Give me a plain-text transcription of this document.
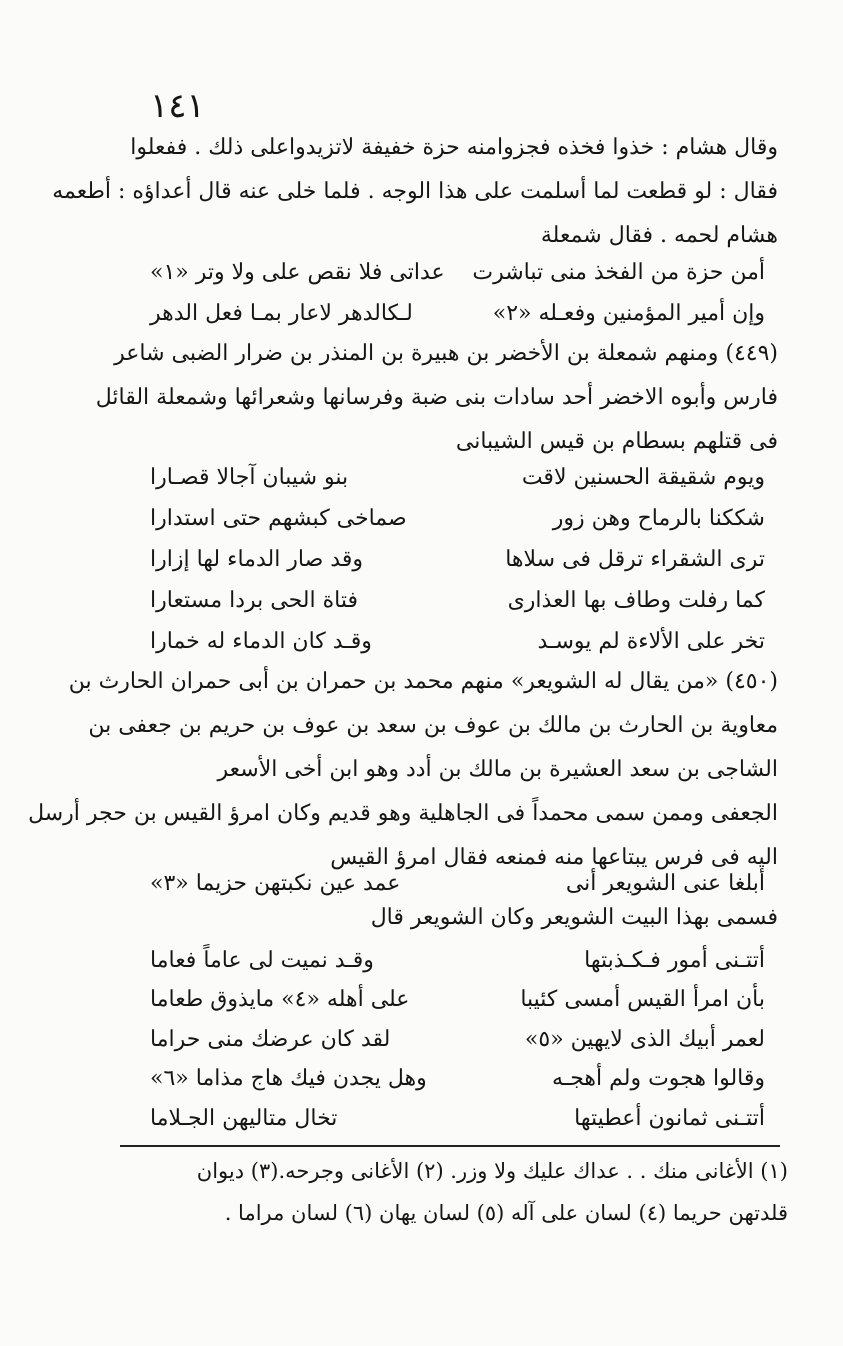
١٤١
وقال هشام : خذوا فخذه فجزوامنه حزة خفيفة لاتزيدواعلى ذلك . ففعلوا
فقال : لو قطعت لما أسلمت على هذا الوجه . فلما خلى عنه قال أعداؤه : أطعمه
هشام لحمه . فقال شمعلة
أمن حزة من الفخذ منى تباشرت
عداتى فلا نقص على ولا وتر «١»
وإن أمير المؤمنين وفعـله «٢»
لـكالدهر لاعار بمـا فعل الدهر
(٤٤٩) ومنهم شمعلة بن الأخضر بن هبيرة بن المنذر بن ضرار الضبى شاعر
فارس وأبوه الاخضر أحد سادات بنى ضبة وفرسانها وشعرائها وشمعلة القائل
فى قتلهم بسطام بن قيس الشيبانى
ويوم شقيقة الحسنين لاقت
بنو شيبان آجالا قصـارا
شككنا بالرماح وهن زور
صماخى كبشهم حتى استدارا
ترى الشقراء ترقل فى سلاها
وقد صار الدماء لها إزارا
كما رفلت وطاف بها العذارى
فتاة الحى بردا مستعارا
تخر على الألاءة لم يوسـد
وقـد كان الدماء له خمارا
(٤٥٠) «من يقال له الشويعر» منهم محمد بن حمران بن أبى حمران الحارث بن
معاوية بن الحارث بن مالك بن عوف بن سعد بن عوف بن حريم بن جعفى بن
الشاجى بن سعد العشيرة بن مالك بن أدد وهو ابن أخى الأسعر
الجعفى وممن سمى محمداً فى الجاهلية وهو قديم وكان امرؤ القيس بن حجر أرسل
اليه فى فرس يبتاعها منه فمنعه فقال امرؤ القيس
أبلغا عنى الشويعر أنى
عمد عين نكبتهن حزيما «٣»
فسمى بهذا البيت الشويعر وكان الشويعر قال
أتتـنى أمور فـكـذبتها
وقـد نميت لى عاماً فعاما
بأن امرأ القيس أمسى كئيبا
على أهله «٤» مايذوق طعاما
لعمر أبيك الذى لايهين «٥»
لقد كان عرضك منى حراما
وقالوا هجوت ولم أهجـه
وهل يجدن فيك هاج مذاما «٦»
أتتـنى ثمانون أعطيتها
تخال متاليهن الجـلاما
(١) الأغانى منك . . عداك عليك ولا وزر. (٢) الأغانى وجرحه.(٣) ديوان
قلدتهن حريما (٤) لسان على آله (٥) لسان يهان (٦) لسان مراما .
